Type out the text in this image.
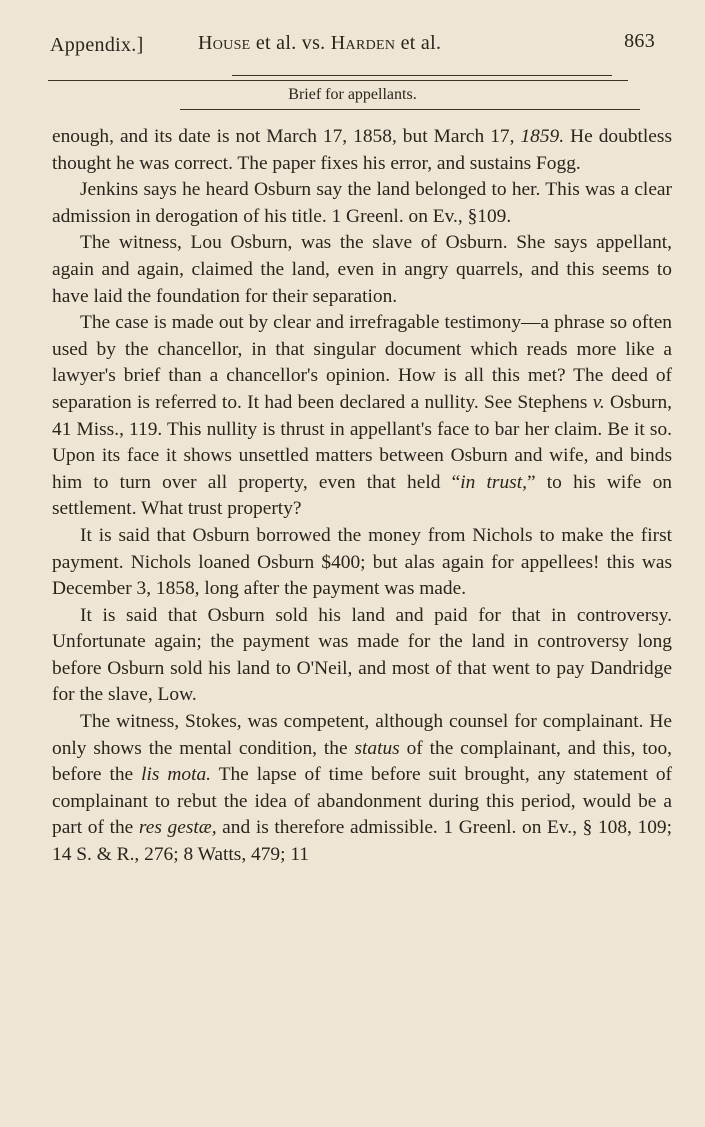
Appendix.]	House et al. vs. Harden et al.	863
Brief for appellants.

enough, and its date is not March 17, 1858, but March 17, 1859. He doubtless thought he was correct. The paper fixes his error, and sustains Fogg.

Jenkins says he heard Osburn say the land belonged to her. This was a clear admission in derogation of his title. 1 Greenl. on Ev., §109.

The witness, Lou Osburn, was the slave of Osburn. She says appellant, again and again, claimed the land, even in angry quarrels, and this seems to have laid the foundation for their separation.

The case is made out by clear and irrefragable testimony—a phrase so often used by the chancellor, in that singular document which reads more like a lawyer's brief than a chancellor's opinion. How is all this met? The deed of separation is referred to. It had been declared a nullity. See Stephens v. Osburn, 41 Miss., 119. This nullity is thrust in appellant's face to bar her claim. Be it so. Upon its face it shows unsettled matters between Osburn and wife, and binds him to turn over all property, even that held “in trust,” to his wife on settlement. What trust property?

It is said that Osburn borrowed the money from Nichols to make the first payment. Nichols loaned Osburn $400; but alas again for appellees! this was December 3, 1858, long after the payment was made.

It is said that Osburn sold his land and paid for that in controversy. Unfortunate again; the payment was made for the land in controversy long before Osburn sold his land to O'Neil, and most of that went to pay Dandridge for the slave, Low.

The witness, Stokes, was competent, although counsel for complainant. He only shows the mental condition, the status of the complainant, and this, too, before the lis mota. The lapse of time before suit brought, any statement of complainant to rebut the idea of abandonment during this period, would be a part of the res gestæ, and is therefore admissible. 1 Greenl. on Ev., § 108, 109; 14 S. & R., 276; 8 Watts, 479; 11
